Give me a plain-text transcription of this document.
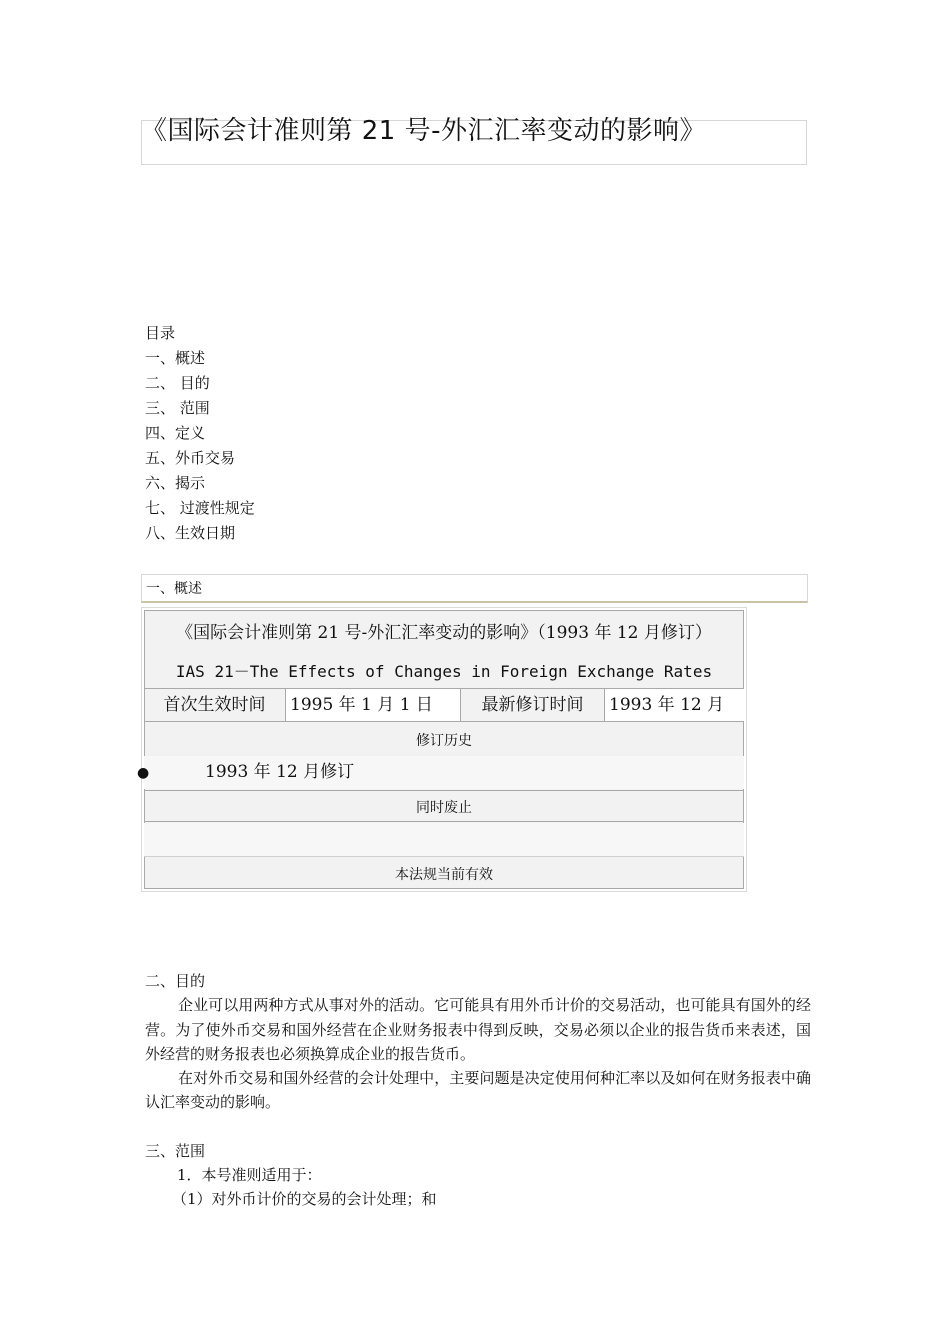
《国际会计准则第 21 号-外汇汇率变动的影响》
目录
一、概述
二、 目的
三、 范围
四、定义
五、外币交易
六、揭示
七、 过渡性规定
八、生效日期
一、概述
《国际会计准则第 21 号-外汇汇率变动的影响》（1993 年 12 月修订）
IAS 21－The Effects of Changes in Foreign Exchange Rates
首次生效时间	1995 年 1 月 1 日	最新修订时间	1993 年 12 月
修订历史
1993 年 12 月修订
●
同时废止
本法规当前有效

二、目的

企业可以用两种方式从事对外的活动。它可能具有用外币计价的交易活动，也可能具有国外的经营。为了使外币交易和国外经营在企业财务报表中得到反映，交易必须以企业的报告货币来表述，国外经营的财务报表也必须换算成企业的报告货币。

在对外币交易和国外经营的会计处理中，主要问题是决定使用何种汇率以及如何在财务报表中确认汇率变动的影响。

三、范围

1．本号准则适用于：

（1）对外币计价的交易的会计处理；和
